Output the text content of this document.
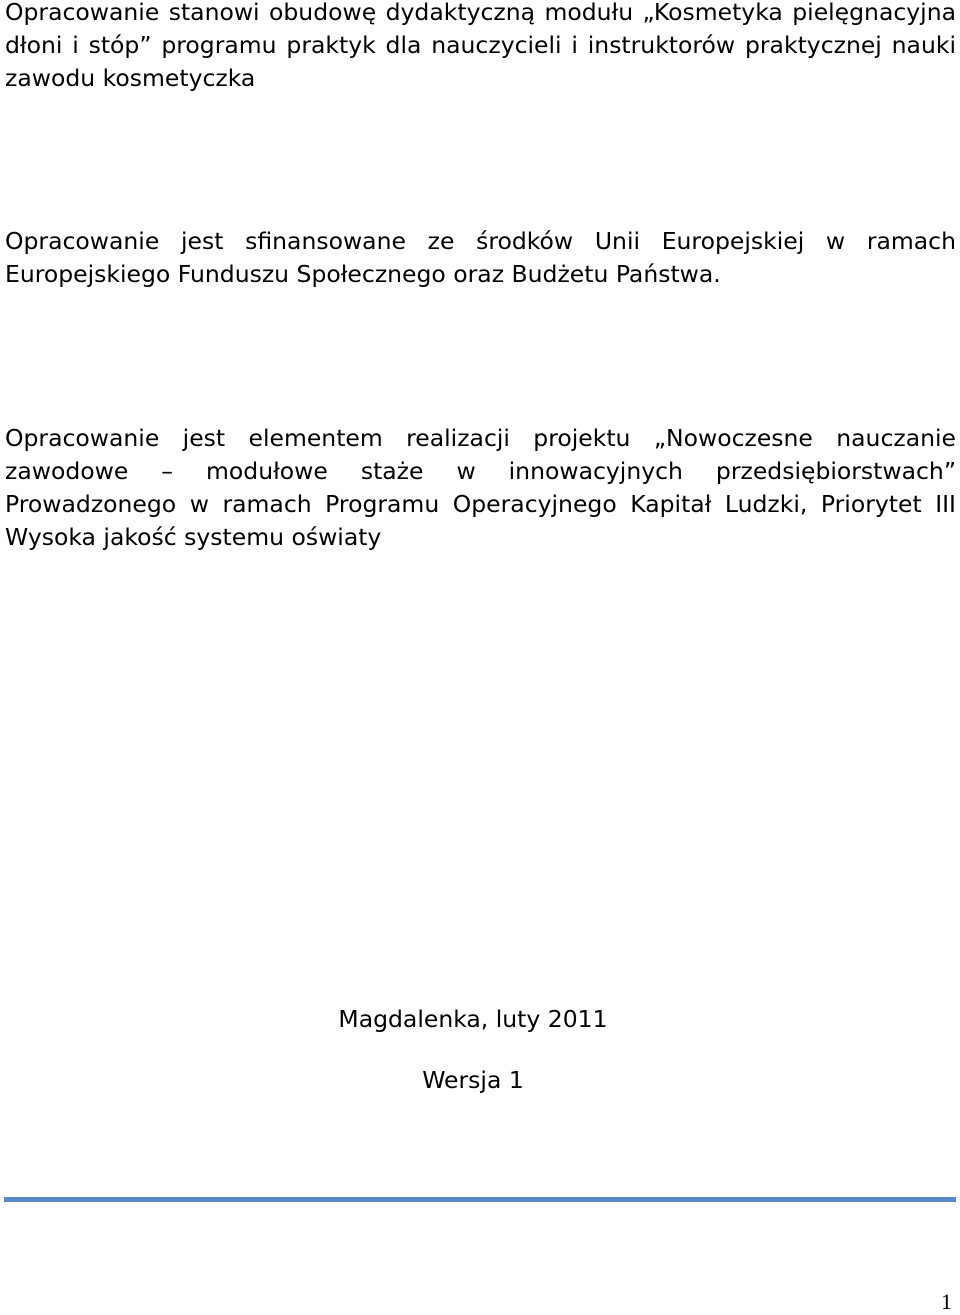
Opracowanie stanowi obudowę dydaktyczną modułu „Kosmetyka pielęgnacyjna dłoni i stóp” programu praktyk dla nauczycieli i instruktorów praktycznej nauki zawodu kosmetyczka

Opracowanie jest sfinansowane ze środków Unii Europejskiej w ramach Europejskiego Funduszu Społecznego oraz Budżetu Państwa.

Opracowanie jest elementem realizacji projektu „Nowoczesne nauczanie zawodowe – modułowe staże w innowacyjnych przedsiębiorstwach” Prowadzonego w ramach Programu Operacyjnego Kapitał Ludzki, Priorytet III Wysoka jakość systemu oświaty

Magdalenka, luty 2011

Wersja 1

1
